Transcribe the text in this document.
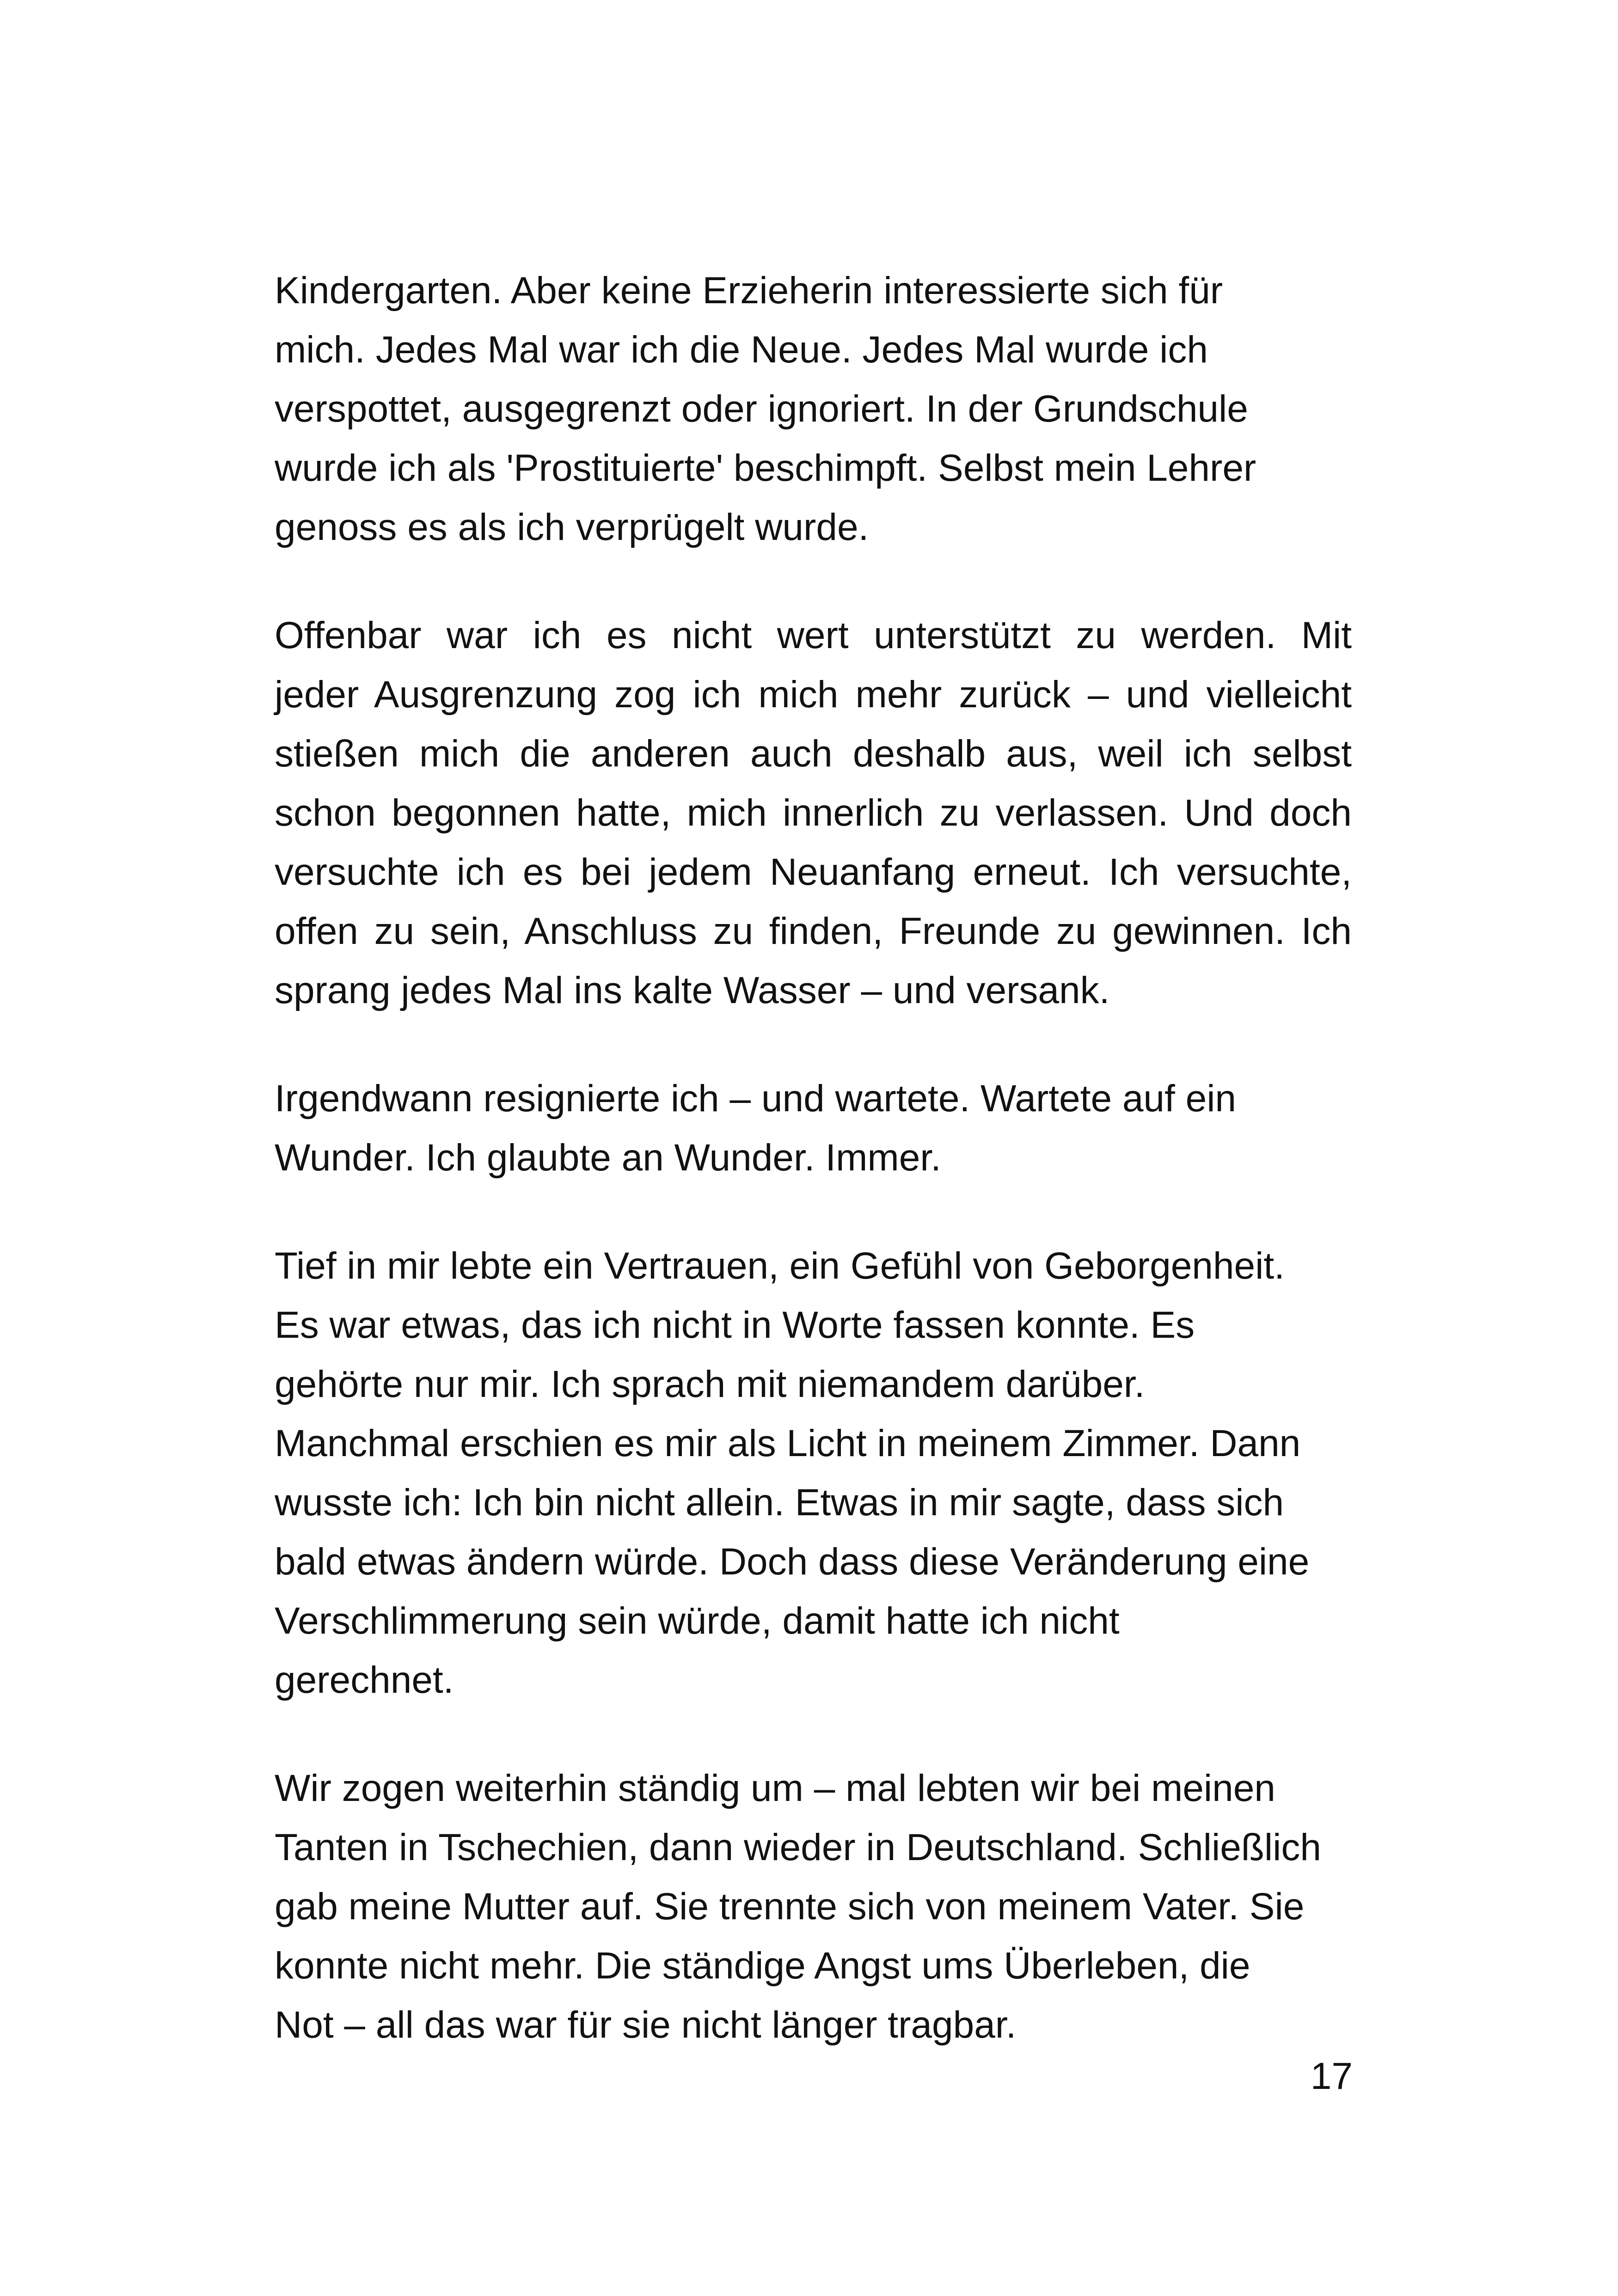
Kindergarten. Aber keine Erzieherin interessierte sich für
mich. Jedes Mal war ich die Neue. Jedes Mal wurde ich
verspottet, ausgegrenzt oder ignoriert. In der Grundschule
wurde ich als 'Prostituierte' beschimpft. Selbst mein Lehrer
genoss es als ich verprügelt wurde.

Offenbar war ich es nicht wert unterstützt zu werden. Mit
jeder Ausgrenzung zog ich mich mehr zurück – und vielleicht
stießen mich die anderen auch deshalb aus, weil ich selbst
schon begonnen hatte, mich innerlich zu verlassen. Und doch
versuchte ich es bei jedem Neuanfang erneut. Ich versuchte,
offen zu sein, Anschluss zu finden, Freunde zu gewinnen. Ich
sprang jedes Mal ins kalte Wasser – und versank.

Irgendwann resignierte ich – und wartete. Wartete auf ein
Wunder. Ich glaubte an Wunder. Immer.

Tief in mir lebte ein Vertrauen, ein Gefühl von Geborgenheit.
Es war etwas, das ich nicht in Worte fassen konnte. Es
gehörte nur mir. Ich sprach mit niemandem darüber.
Manchmal erschien es mir als Licht in meinem Zimmer. Dann
wusste ich: Ich bin nicht allein. Etwas in mir sagte, dass sich
bald etwas ändern würde. Doch dass diese Veränderung eine
Verschlimmerung sein würde, damit hatte ich nicht
gerechnet.

Wir zogen weiterhin ständig um – mal lebten wir bei meinen
Tanten in Tschechien, dann wieder in Deutschland. Schließlich
gab meine Mutter auf. Sie trennte sich von meinem Vater. Sie
konnte nicht mehr. Die ständige Angst ums Überleben, die
Not – all das war für sie nicht länger tragbar.

17
